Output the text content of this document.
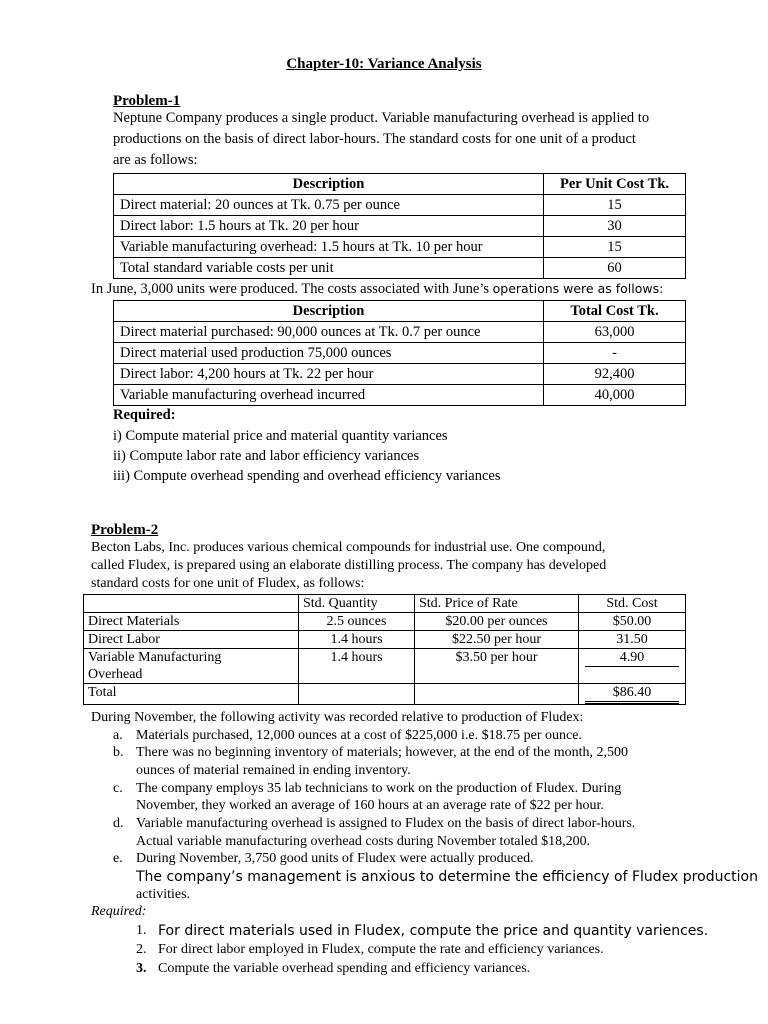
Chapter-10: Variance Analysis
Problem-1
Neptune Company produces a single product. Variable manufacturing overhead is applied to
productions on the basis of direct labor-hours. The standard costs for one unit of a product
are as follows:
Description	Per Unit Cost Tk.
Direct material: 20 ounces at Tk. 0.75 per ounce	15
Direct labor: 1.5 hours at Tk. 20 per hour	30
Variable manufacturing overhead: 1.5 hours at Tk. 10 per hour	15
Total standard variable costs per unit	60
In June, 3,000 units were produced. The costs associated with June’s operations were as follows:
Description	Total Cost Tk.
Direct material purchased: 90,000 ounces at Tk. 0.7 per ounce	63,000
Direct material used production 75,000 ounces	-
Direct labor: 4,200 hours at Tk. 22 per hour	92,400
Variable manufacturing overhead incurred	40,000
Required:
i) Compute material price and material quantity variances
ii) Compute labor rate and labor efficiency variances
iii) Compute overhead spending and overhead efficiency variances
Problem-2
Becton Labs, Inc. produces various chemical compounds for industrial use. One compound,
called Fludex, is prepared using an elaborate distilling process. The company has developed
standard costs for one unit of Fludex, as follows:
	Std. Quantity	Std. Price of Rate	Std. Cost
Direct Materials	2.5 ounces	$20.00 per ounces	$50.00
Direct Labor	1.4 hours	$22.50 per hour	31.50
Variable Manufacturing
Overhead	1.4 hours	$3.50 per hour	4.90

Total			$86.40
During November, the following activity was recorded relative to production of Fludex:
a. Materials purchased, 12,000 ounces at a cost of $225,000 i.e. $18.75 per ounce.
b. There was no beginning inventory of materials; however, at the end of the month, 2,500
ounces of material remained in ending inventory.
c. The company employs 35 lab technicians to work on the production of Fludex. During
November, they worked an average of 160 hours at an average rate of $22 per hour.
d. Variable manufacturing overhead is assigned to Fludex on the basis of direct labor-hours.
Actual variable manufacturing overhead costs during November totaled $18,200.
e. During November, 3,750 good units of Fludex were actually produced.
The company’s management is anxious to determine the efficiency of Fludex production
activities.
Required:
1. For direct materials used in Fludex, compute the price and quantity variences.
2. For direct labor employed in Fludex, compute the rate and efficiency variances.
3. Compute the variable overhead spending and efficiency variances.
